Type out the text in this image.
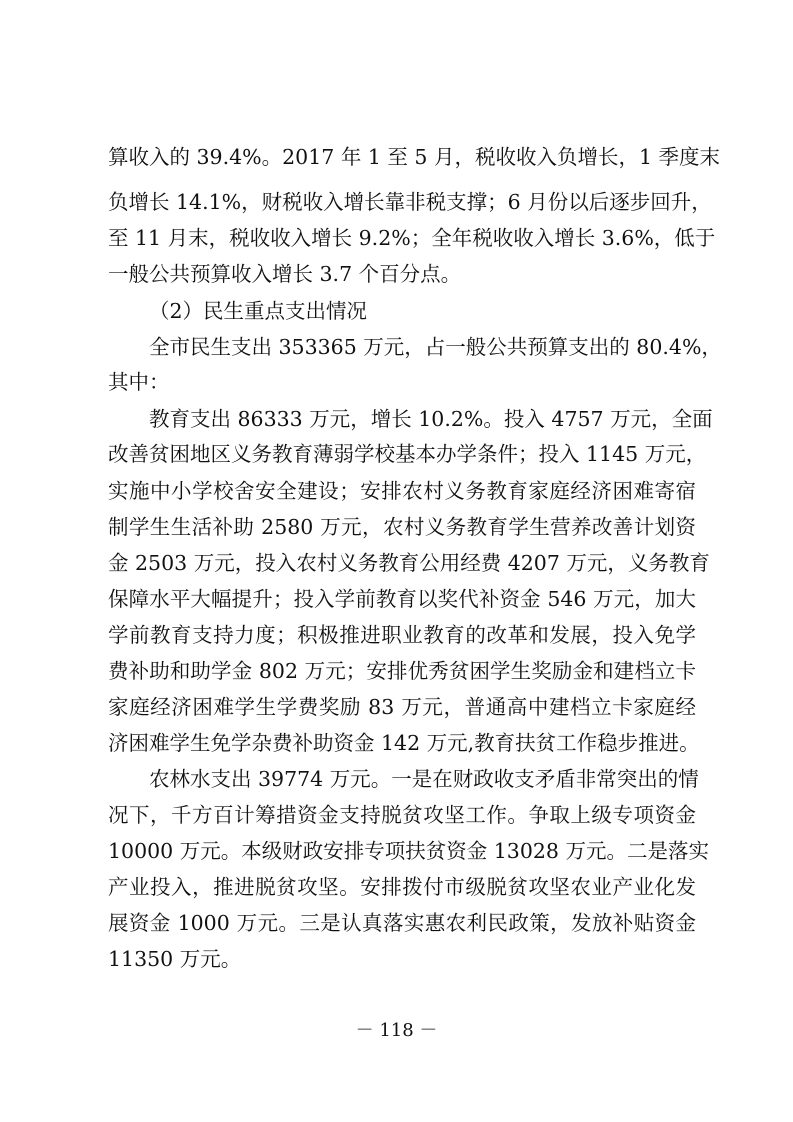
算收入的 39.4%。2017 年 1 至 5 月，税收收入负增长，1 季度末
负增长 14.1%，财税收入增长靠非税支撑；6 月份以后逐步回升，
至 11 月末，税收收入增长 9.2%；全年税收收入增长 3.6%，低于
一般公共预算收入增长 3.7 个百分点。
（2）民生重点支出情况
全市民生支出 353365 万元，占一般公共预算支出的 80.4%，
其中：
教育支出 86333 万元，增长 10.2%。投入 4757 万元，全面
改善贫困地区义务教育薄弱学校基本办学条件；投入 1145 万元，
实施中小学校舍安全建设；安排农村义务教育家庭经济困难寄宿
制学生生活补助 2580 万元，农村义务教育学生营养改善计划资
金 2503 万元，投入农村义务教育公用经费 4207 万元，义务教育
保障水平大幅提升；投入学前教育以奖代补资金 546 万元，加大
学前教育支持力度；积极推进职业教育的改革和发展，投入免学
费补助和助学金 802 万元；安排优秀贫困学生奖励金和建档立卡
家庭经济困难学生学费奖励 83 万元，普通高中建档立卡家庭经
济困难学生免学杂费补助资金 142 万元,教育扶贫工作稳步推进。
农林水支出 39774 万元。一是在财政收支矛盾非常突出的情
况下，千方百计筹措资金支持脱贫攻坚工作。争取上级专项资金
10000 万元。本级财政安排专项扶贫资金 13028 万元。二是落实
产业投入，推进脱贫攻坚。安排拨付市级脱贫攻坚农业产业化发
展资金 1000 万元。三是认真落实惠农利民政策，发放补贴资金
11350 万元。
－ 118 －
